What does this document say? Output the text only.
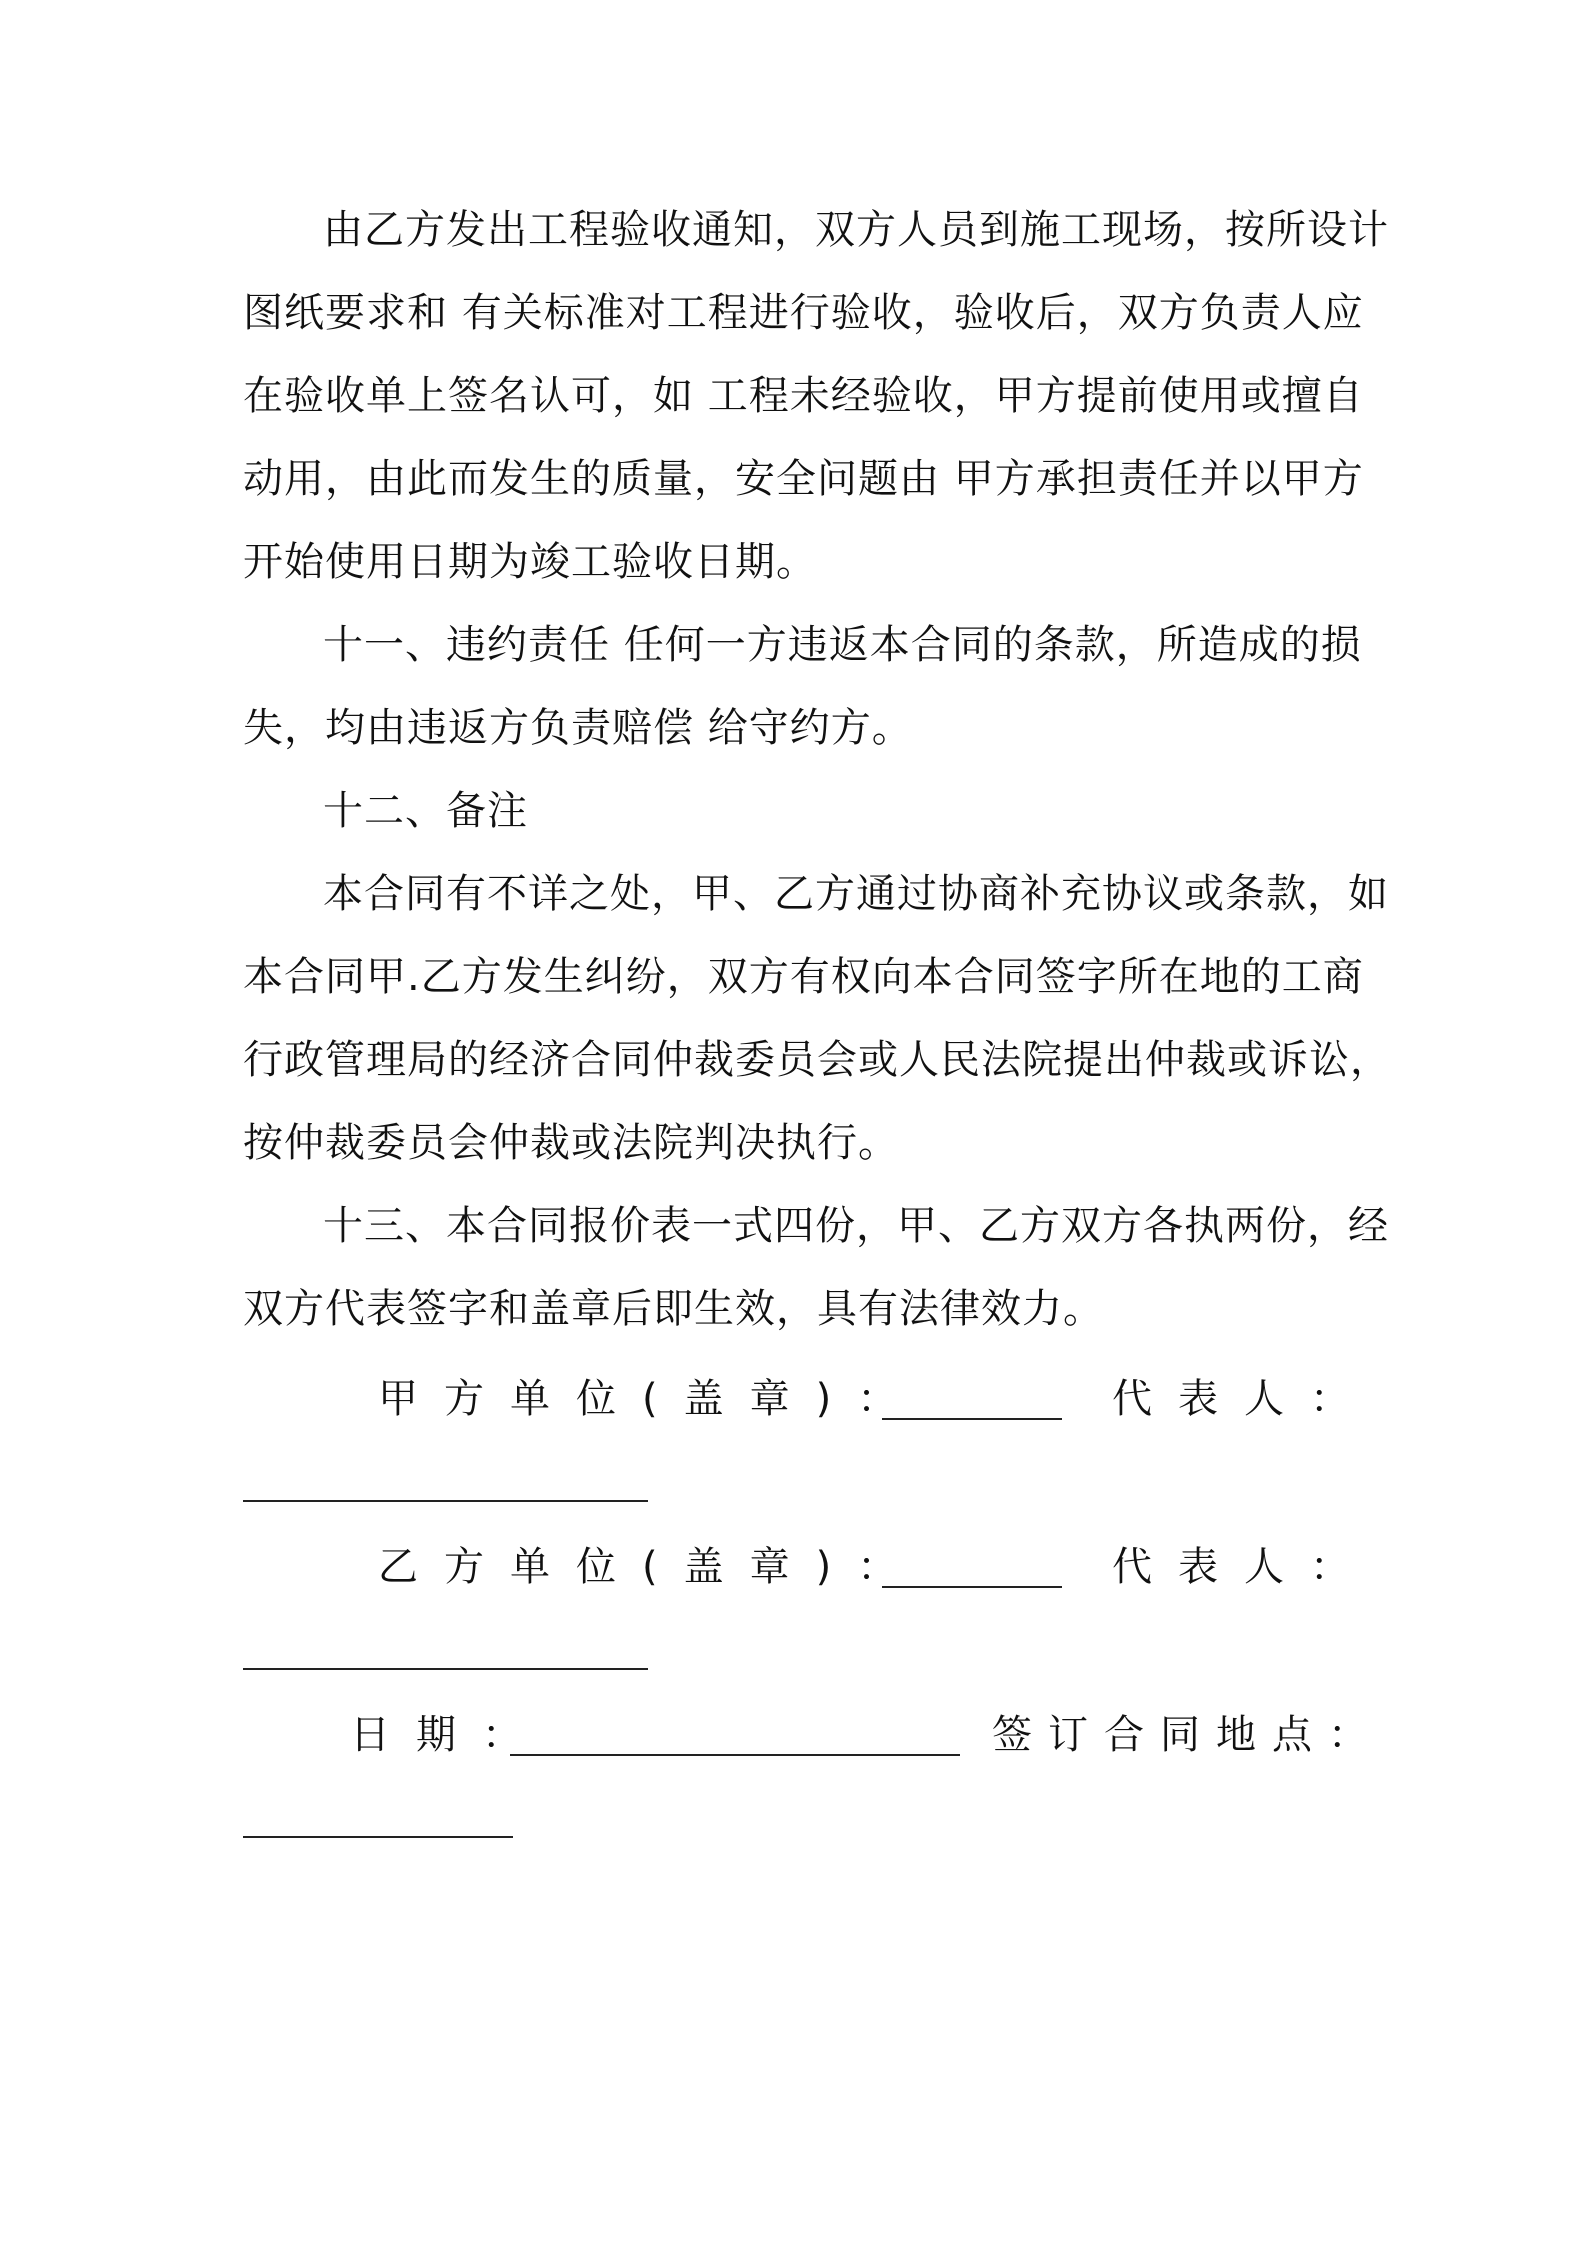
由乙方发出工程验收通知，双方人员到施工现场，按所设计
图纸要求和 有关标准对工程进行验收，验收后，双方负责人应
在验收单上签名认可，如 工程未经验收，甲方提前使用或擅自
动用，由此而发生的质量，安全问题由 甲方承担责任并以甲方
开始使用日期为竣工验收日期。
十一、违约责任 任何一方违返本合同的条款，所造成的损
失，均由违返方负责赔偿 给守约方。
十二、备注
本合同有不详之处，甲、乙方通过协商补充协议或条款，如
本合同甲.乙方发生纠纷，双方有权向本合同签字所在地的工商
行政管理局的经济合同仲裁委员会或人民法院提出仲裁或诉讼，
按仲裁委员会仲裁或法院判决执行。
十三、本合同报价表一式四份，甲、乙方双方各执两份，经
双方代表签字和盖章后即生效，具有法律效力。
甲方单位(盖章)：	代表人：
乙方单位(盖章)：	代表人：
日期：	签订合同地点：
